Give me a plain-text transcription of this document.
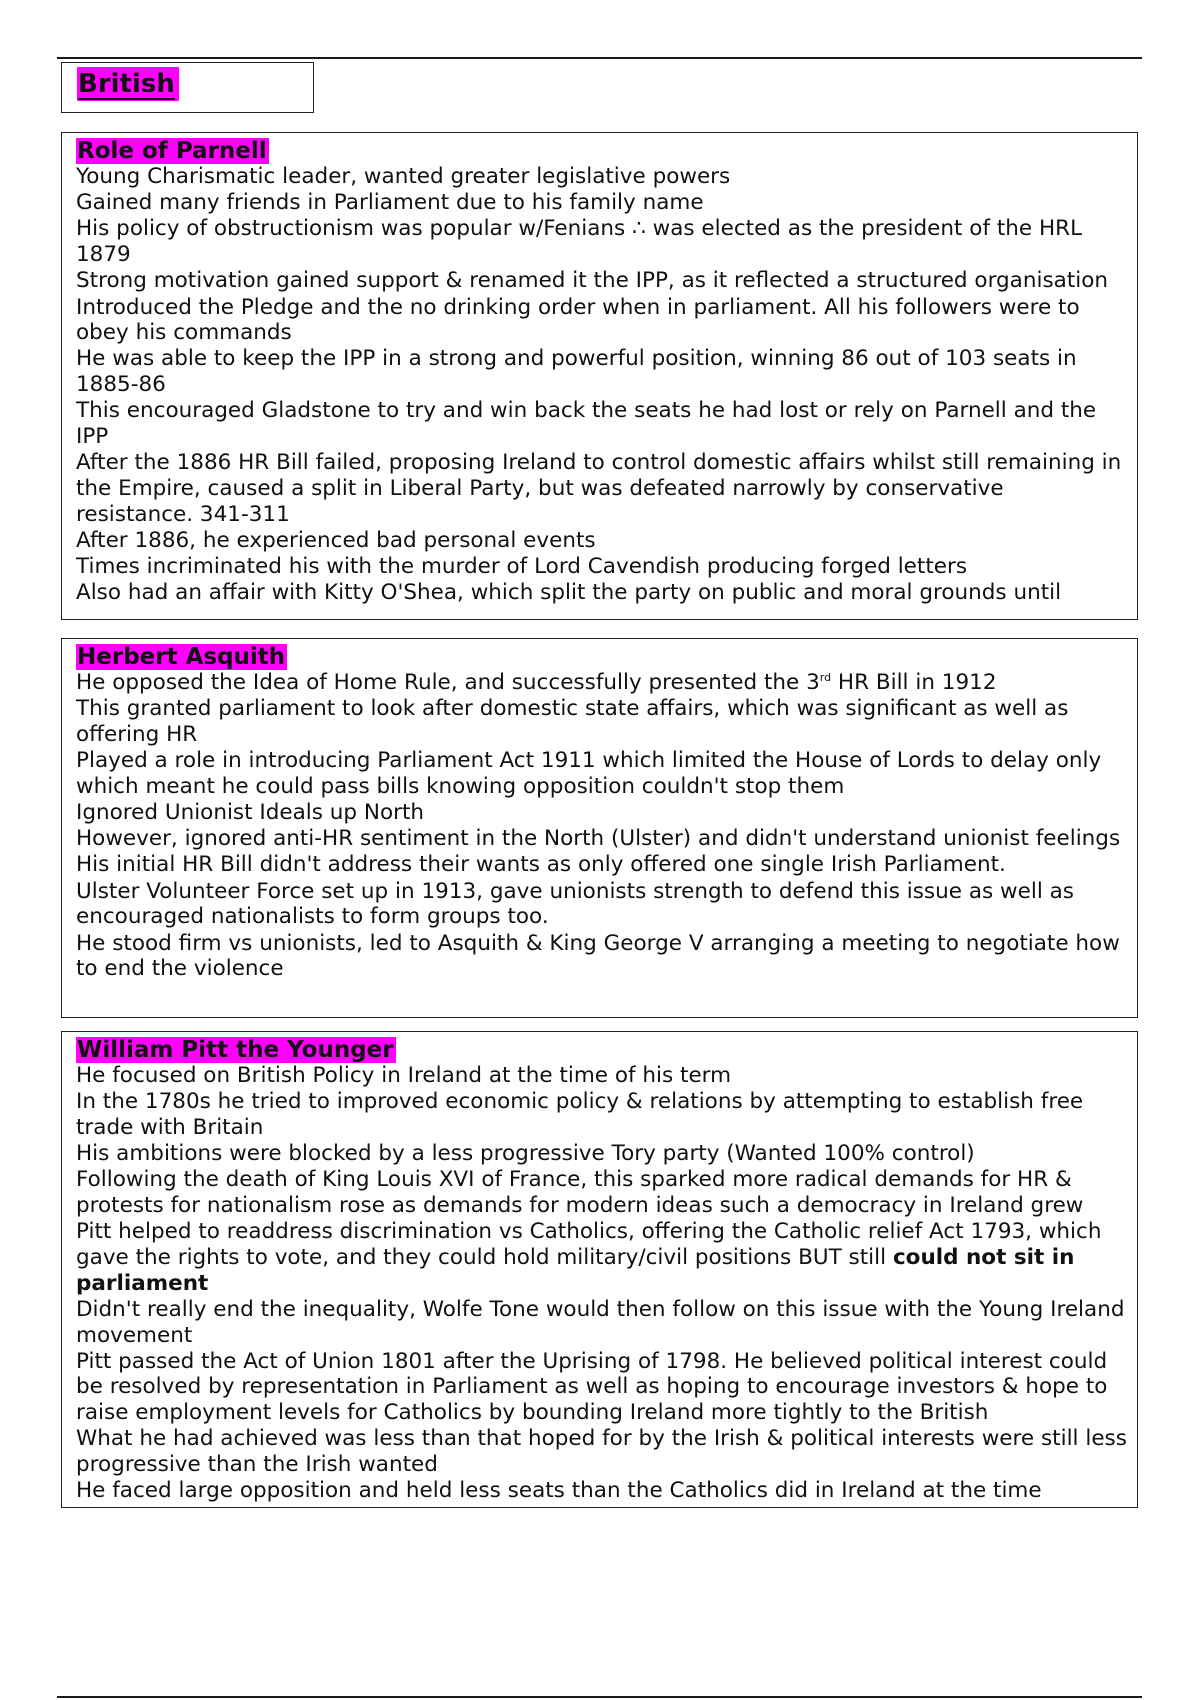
British
Role of Parnell
Young Charismatic leader, wanted greater legislative powers
Gained many friends in Parliament due to his family name
His policy of obstructionism was popular w/Fenians ∴ was elected as the president of the HRL 1879
Strong motivation gained support & renamed it the IPP, as it reflected a structured organisation
Introduced the Pledge and the no drinking order when in parliament. All his followers were to obey his commands
He was able to keep the IPP in a strong and powerful position, winning 86 out of 103 seats in 1885-86
This encouraged Gladstone to try and win back the seats he had lost or rely on Parnell and the IPP
After the 1886 HR Bill failed, proposing Ireland to control domestic affairs whilst still remaining in the Empire, caused a split in Liberal Party, but was defeated narrowly by conservative resistance. 341-311
After 1886, he experienced bad personal events
Times incriminated his with the murder of Lord Cavendish producing forged letters
Also had an affair with Kitty O'Shea, which split the party on public and moral grounds until
Herbert Asquith
He opposed the Idea of Home Rule, and successfully presented the 3rd HR Bill in 1912
This granted parliament to look after domestic state affairs, which was significant as well as offering HR
Played a role in introducing Parliament Act 1911 which limited the House of Lords to delay only which meant he could pass bills knowing opposition couldn't stop them
Ignored Unionist Ideals up North
However, ignored anti-HR sentiment in the North (Ulster) and didn't understand unionist feelings
His initial HR Bill didn't address their wants as only offered one single Irish Parliament.
Ulster Volunteer Force set up in 1913, gave unionists strength to defend this issue as well as encouraged nationalists to form groups too.
He stood firm vs unionists, led to Asquith & King George V arranging a meeting to negotiate how to end the violence
William Pitt the Younger
He focused on British Policy in Ireland at the time of his term
In the 1780s he tried to improved economic policy & relations by attempting to establish free trade with Britain
His ambitions were blocked by a less progressive Tory party (Wanted 100% control)
Following the death of King Louis XVI of France, this sparked more radical demands for HR & protests for nationalism rose as demands for modern ideas such a democracy in Ireland grew
Pitt helped to readdress discrimination vs Catholics, offering the Catholic relief Act 1793, which gave the rights to vote, and they could hold military/civil positions BUT still could not sit in parliament
Didn't really end the inequality, Wolfe Tone would then follow on this issue with the Young Ireland movement
Pitt passed the Act of Union 1801 after the Uprising of 1798. He believed political interest could be resolved by representation in Parliament as well as hoping to encourage investors & hope to raise employment levels for Catholics by bounding Ireland more tightly to the British
What he had achieved was less than that hoped for by the Irish & political interests were still less progressive than the Irish wanted
He faced large opposition and held less seats than the Catholics did in Ireland at the time
